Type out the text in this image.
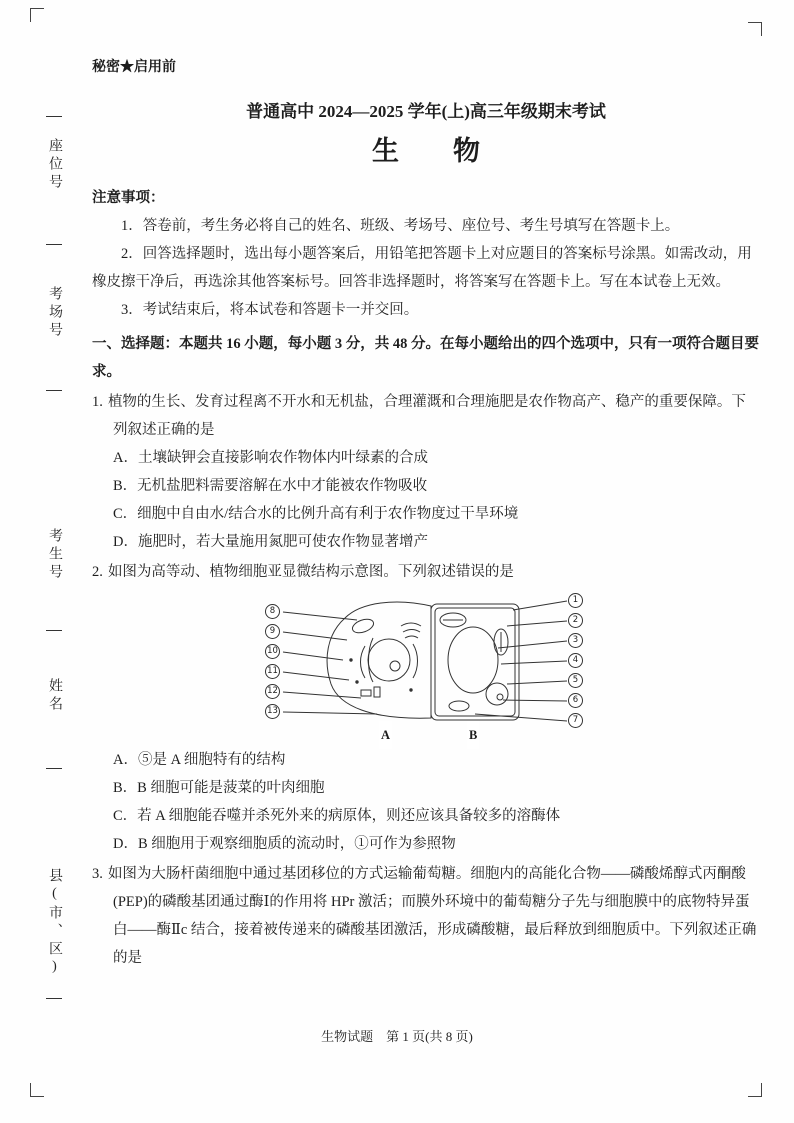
座位号
考场号
考生号
姓名
县(市、区)
秘密★启用前
普通高中 2024—2025 学年(上)高三年级期末考试
生　　物
注意事项：

1．答卷前，考生务必将自己的姓名、班级、考场号、座位号、考生号填写在答题卡上。

2．回答选择题时，选出每小题答案后，用铅笔把答题卡上对应题目的答案标号涂黑。如需改动，用橡皮擦干净后，再选涂其他答案标号。回答非选择题时，将答案写在答题卡上。写在本试卷上无效。

3．考试结束后，将本试卷和答题卡一并交回。

一、选择题：本题共 16 小题，每小题 3 分，共 48 分。在每小题给出的四个选项中，只有一项符合题目要求。
1. 植物的生长、发育过程离不开水和无机盐，合理灌溉和合理施肥是农作物高产、稳产的重要保障。下列叙述正确的是
A．土壤缺钾会直接影响农作物体内叶绿素的合成
B．无机盐肥料需要溶解在水中才能被农作物吸收
C．细胞中自由水/结合水的比例升高有利于农作物度过干旱环境
D．施肥时，若大量施用氮肥可使农作物显著增产
2. 如图为高等动、植物细胞亚显微结构示意图。下列叙述错误的是
1
2
3
4
5
6
7
8
9
10
11
12
13
A	B
A．⑤是 A 细胞特有的结构
B．B 细胞可能是菠菜的叶肉细胞
C．若 A 细胞能吞噬并杀死外来的病原体，则还应该具备较多的溶酶体
D．B 细胞用于观察细胞质的流动时，①可作为参照物
3. 如图为大肠杆菌细胞中通过基团移位的方式运输葡萄糖。细胞内的高能化合物——磷酸烯醇式丙酮酸(PEP)的磷酸基团通过酶Ⅰ的作用将 HPr 激活；而膜外环境中的葡萄糖分子先与细胞膜中的底物特异蛋白——酶Ⅱc 结合，接着被传递来的磷酸基团激活，形成磷酸糖，最后释放到细胞质中。下列叙述正确的是
生物试题　第 1 页(共 8 页)
